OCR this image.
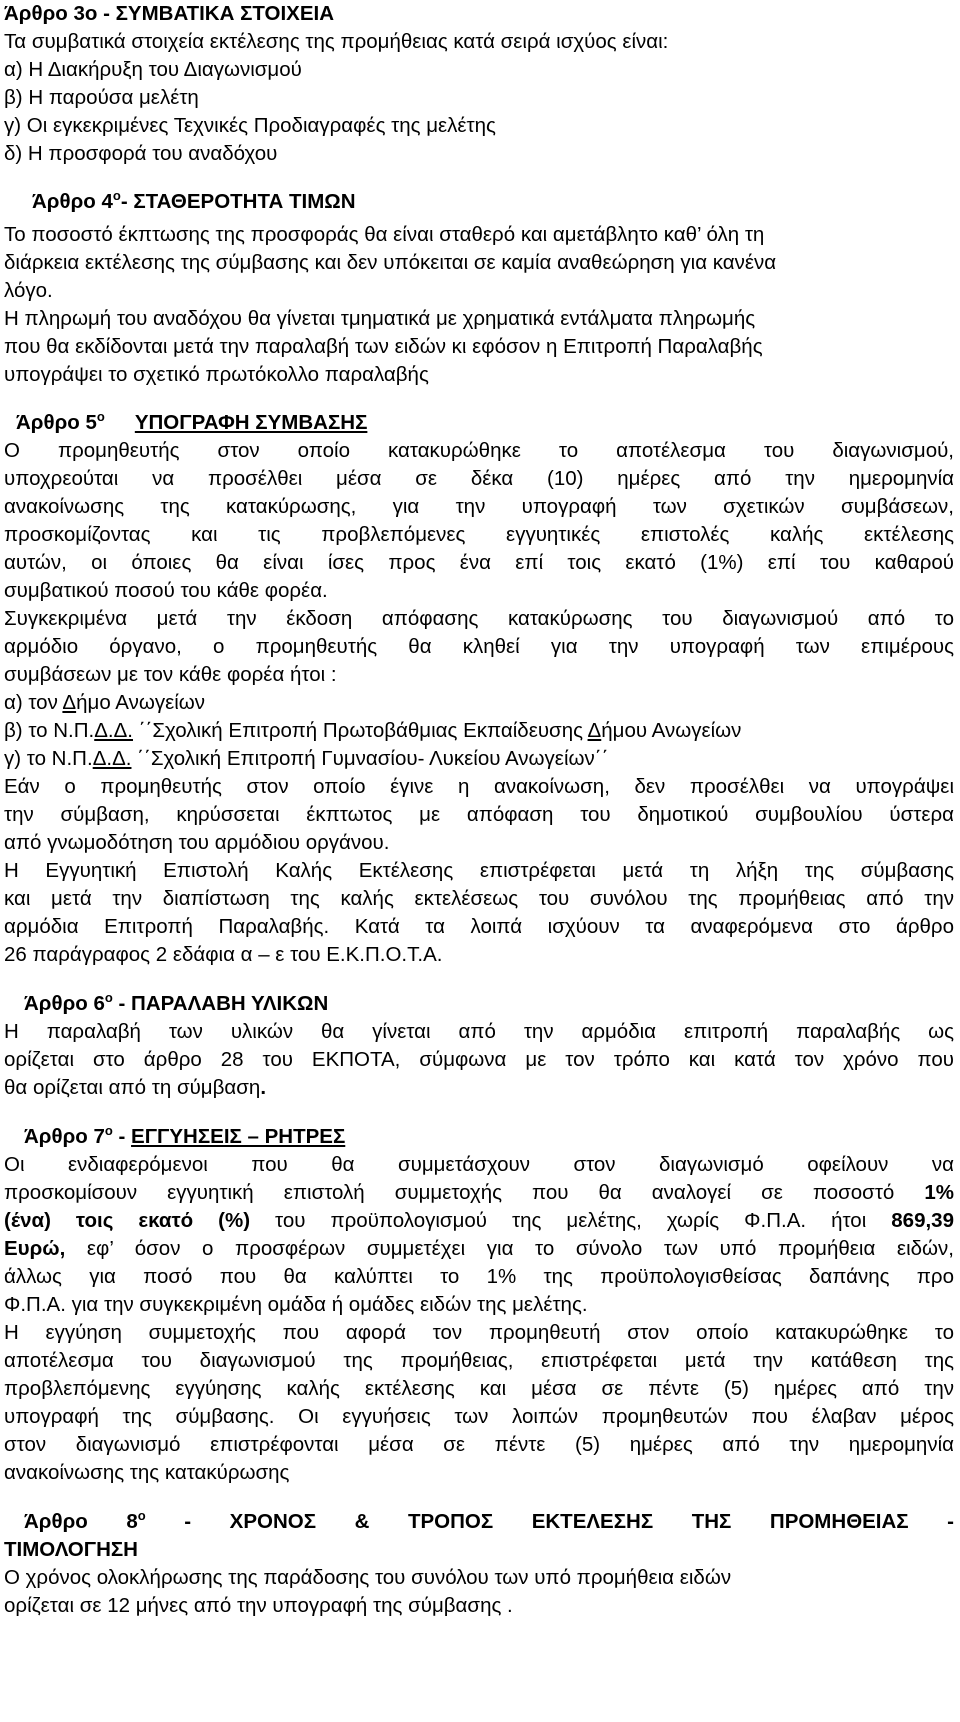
Άρθρο 3ο - ΣΥΜΒΑΤΙΚΑ ΣΤΟΙΧΕΙΑ
Τα συμβατικά στοιχεία εκτέλεσης της προμήθειας κατά σειρά ισχύος είναι:
α) Η Διακήρυξη του Διαγωνισμού
β) Η παρούσα μελέτη
γ) Οι εγκεκριμένες Τεχνικές Προδιαγραφές της μελέτης
δ) Η προσφορά του αναδόχου
Άρθρο $4^o-$ ΣΤΑΘΕΡΟΤΗΤΑ ΤΙΜΩΝ
Το ποσοστό έκπτωσης της προσφοράς θα είναι σταθερό και αμετάβλητο καθ’ όλη τη
διάρκεια εκτέλεσης της σύμβασης και δεν υπόκειται σε καμία αναθεώρηση για κανένα
λόγο.
Η πληρωμή του αναδόχου θα γίνεται τμηματικά με χρηματικά εντάλματα πληρωμής
που θα εκδίδονται μετά την παραλαβή των ειδών κι εφόσον η Επιτροπή Παραλαβής
υπογράψει το σχετικό πρωτόκολλο παραλαβής
Άρθρο $5^o$ ΥΠΟΓΡΑΦΗ ΣΥΜΒΑΣΗΣ
Ο προμηθευτής στον οποίο κατακυρώθηκε το αποτέλεσμα του διαγωνισμού,
υποχρεούται να προσέλθει μέσα σε δέκα (10) ημέρες από την ημερομηνία
ανακοίνωσης της κατακύρωσης, για την υπογραφή των σχετικών συμβάσεων,
προσκομίζοντας και τις προβλεπόμενες εγγυητικές επιστολές καλής εκτέλεσης
αυτών, οι όποιες θα είναι ίσες προς ένα επί τοις εκατό (1%) επί του καθαρού
συμβατικού ποσού του κάθε φορέα.
Συγκεκριμένα μετά την έκδοση απόφασης κατακύρωσης του διαγωνισμού από το
αρμόδιο όργανο, ο προμηθευτής θα κληθεί για την υπογραφή των επιμέρους
συμβάσεων με τον κάθε φορέα ήτοι :
α) τον Δήμο Ανωγείων
β) το Ν.Π.Δ.Δ. ΄΄Σχολική Επιτροπή Πρωτοβάθμιας Εκπαίδευσης Δήμου Ανωγείων
γ) το Ν.Π.Δ.Δ. ΄΄Σχολική Επιτροπή Γυμνασίου- Λυκείου Ανωγείων΄΄
Εάν ο προμηθευτής στον οποίο έγινε η ανακοίνωση, δεν προσέλθει να υπογράψει
την σύμβαση, κηρύσσεται έκπτωτος με απόφαση του δημοτικού συμβουλίου ύστερα
από γνωμοδότηση του αρμόδιου οργάνου.
Η Εγγυητική Επιστολή Καλής Εκτέλεσης επιστρέφεται μετά τη λήξη της σύμβασης
και μετά την διαπίστωση της καλής εκτελέσεως του συνόλου της προμήθειας από την
αρμόδια Επιτροπή Παραλαβής. Κατά τα λοιπά ισχύουν τα αναφερόμενα στο άρθρο
26 παράγραφος 2 εδάφια α – ε του Ε.Κ.Π.Ο.Τ.Α.
Άρθρο $6^o$ - ΠΑΡΑΛΑΒΗ ΥΛΙΚΩΝ
Η παραλαβή των υλικών θα γίνεται από την αρμόδια επιτροπή παραλαβής ως
ορίζεται στο άρθρο 28 του ΕΚΠΟΤΑ, σύμφωνα με τον τρόπο και κατά τον χρόνο που
θα ορίζεται από τη σύμβαση.
Άρθρο $7^o$ - ΕΓΓΥΗΣΕΙΣ – ΡΗΤΡΕΣ
Οι ενδιαφερόμενοι που θα συμμετάσχουν στον διαγωνισμό οφείλουν να
προσκομίσουν εγγυητική επιστολή συμμετοχής που θα αναλογεί σε ποσοστό 1%
(ένα) τοις εκατό (%) του προϋπολογισμού της μελέτης, χωρίς Φ.Π.Α. ήτοι 869,39
Ευρώ, εφ’ όσον ο προσφέρων συμμετέχει για το σύνολο των υπό προμήθεια ειδών,
άλλως για ποσό που θα καλύπτει το 1% της προϋπολογισθείσας δαπάνης προ
Φ.Π.Α. για την συγκεκριμένη ομάδα ή ομάδες ειδών της μελέτης.
Η εγγύηση συμμετοχής που αφορά τον προμηθευτή στον οποίο κατακυρώθηκε το
αποτέλεσμα του διαγωνισμού της προμήθειας, επιστρέφεται μετά την κατάθεση της
προβλεπόμενης εγγύησης καλής εκτέλεσης και μέσα σε πέντε (5) ημέρες από την
υπογραφή της σύμβασης. Οι εγγυήσεις των λοιπών προμηθευτών που έλαβαν μέρος
στον διαγωνισμό επιστρέφονται μέσα σε πέντε (5) ημέρες από την ημερομηνία
ανακοίνωσης της κατακύρωσης
Άρθρο $8^o$ - ΧΡΟΝΟΣ & ΤΡΟΠΟΣ ΕΚΤΕΛΕΣΗΣ ΤΗΣ ΠΡΟΜΗΘΕΙΑΣ -
ΤΙΜΟΛΟΓΗΣΗ
Ο χρόνος ολοκλήρωσης της παράδοσης του συνόλου των υπό προμήθεια ειδών
ορίζεται σε 12 μήνες από την υπογραφή της σύμβασης .
